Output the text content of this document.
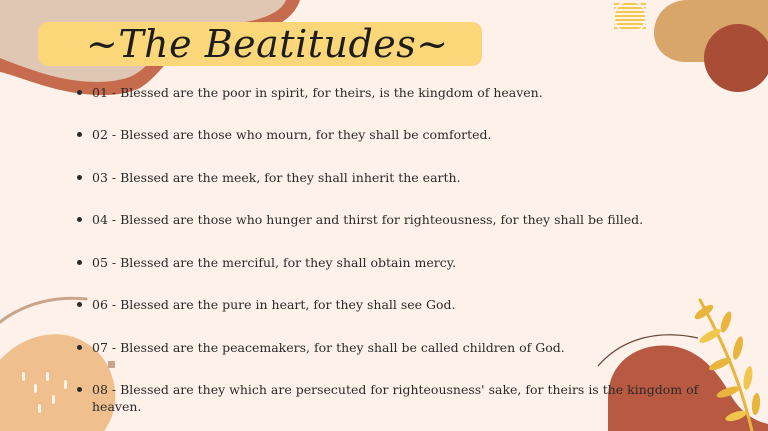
~The Beatitudes~
01 - Blessed are the poor in spirit, for theirs, is the kingdom of heaven.
02 - Blessed are those who mourn, for they shall be comforted.
03 - Blessed are the meek, for they shall inherit the earth.
04 - Blessed are those who hunger and thirst for righteousness, for they shall be filled.
05 - Blessed are the merciful, for they shall obtain mercy.
06 - Blessed are the pure in heart, for they shall see God.
07 - Blessed are the peacemakers, for they shall be called children of God.
08 - Blessed are they which are persecuted for righteousness' sake, for theirs is the kingdom of heaven.
